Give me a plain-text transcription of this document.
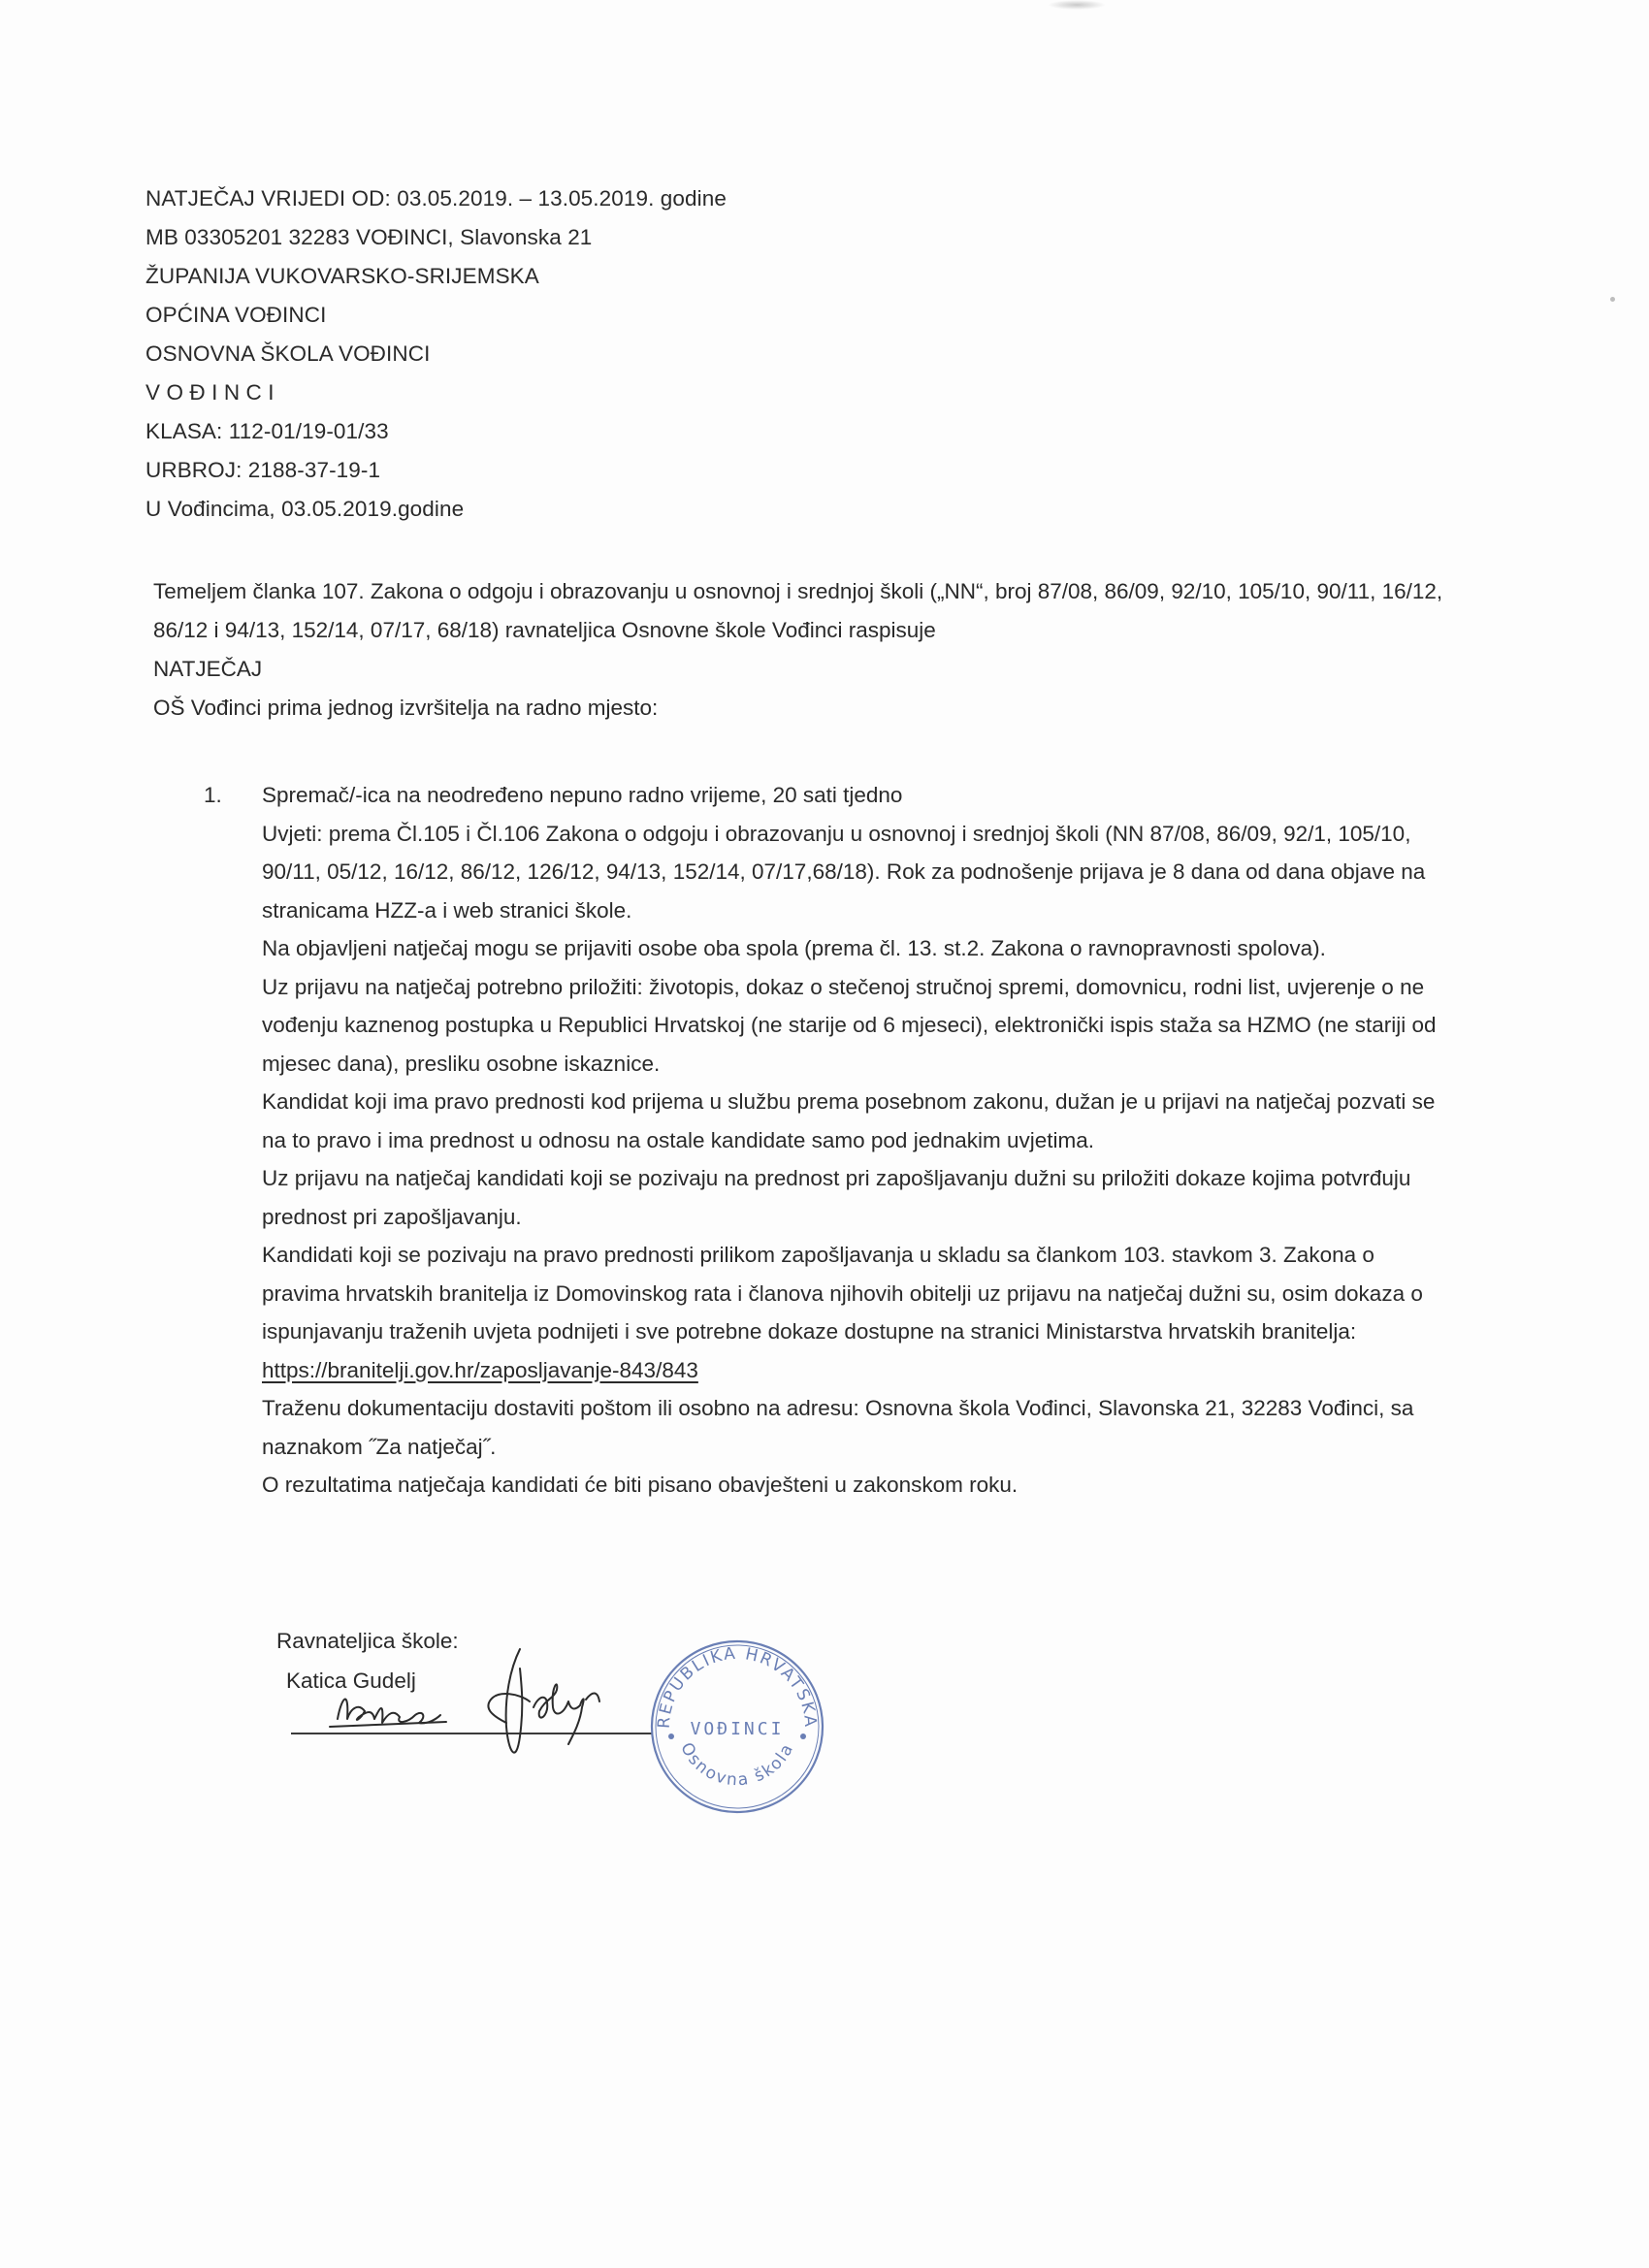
NATJEČAJ VRIJEDI OD: 03.05.2019. – 13.05.2019. godine
MB 03305201 32283 VOĐINCI, Slavonska 21
ŽUPANIJA VUKOVARSKO-SRIJEMSKA
OPĆINA VOĐINCI
OSNOVNA ŠKOLA VOĐINCI
V O Đ I N C I
KLASA: 112-01/19-01/33
URBROJ: 2188-37-19-1
U Vođincima, 03.05.2019.godine

Temeljem članka 107. Zakona o odgoju i obrazovanju u osnovnoj i srednjoj školi („NN“, broj 87/08, 86/09, 92/10, 105/10, 90/11, 16/12, 86/12 i 94/13, 152/14, 07/17, 68/18) ravnateljica Osnovne škole Vođinci raspisuje

NATJEČAJ

OŠ Vođinci prima jednog izvršitelja na radno mjesto:

1. Spremač/-ica na neodređeno nepuno radno vrijeme, 20 sati tjedno

Uvjeti: prema Čl.105 i Čl.106 Zakona o odgoju i obrazovanju u osnovnoj i srednjoj školi (NN 87/08, 86/09, 92/1, 105/10, 90/11, 05/12, 16/12, 86/12, 126/12, 94/13, 152/14, 07/17,68/18). Rok za podnošenje prijava je 8 dana od dana objave na stranicama HZZ-a i web stranici škole.

Na objavljeni natječaj mogu se prijaviti osobe oba spola (prema čl. 13. st.2. Zakona o ravnopravnosti spolova).

Uz prijavu na natječaj potrebno priložiti: životopis, dokaz o stečenoj stručnoj spremi, domovnicu, rodni list, uvjerenje o ne vođenju kaznenog postupka u Republici Hrvatskoj (ne starije od 6 mjeseci), elektronički ispis staža sa HZMO (ne stariji od mjesec dana), presliku osobne iskaznice.

Kandidat koji ima pravo prednosti kod prijema u službu prema posebnom zakonu, dužan je u prijavi na natječaj pozvati se na to pravo i ima prednost u odnosu na ostale kandidate samo pod jednakim uvjetima.

Uz prijavu na natječaj kandidati koji se pozivaju na prednost pri zapošljavanju dužni su priložiti dokaze kojima potvrđuju prednost pri zapošljavanju.

Kandidati koji se pozivaju na pravo prednosti prilikom zapošljavanja u skladu sa člankom 103. stavkom 3. Zakona o pravima hrvatskih branitelja iz Domovinskog rata i članova njihovih obitelji uz prijavu na natječaj dužni su, osim dokaza o ispunjavanju traženih uvjeta podnijeti i sve potrebne dokaze dostupne na stranici Ministarstva hrvatskih branitelja:

https://branitelji.gov.hr/zaposljavanje-843/843

Traženu dokumentaciju dostaviti poštom ili osobno na adresu: Osnovna škola Vođinci, Slavonska 21, 32283 Vođinci, sa naznakom ˝Za natječaj˝.

O rezultatima natječaja kandidati će biti pisano obavješteni u zakonskom roku.

Ravnateljica škole:
Katica Gudelj
REPUBLIKA HRVATSKA
VOĐINCI
Osnovna škola
